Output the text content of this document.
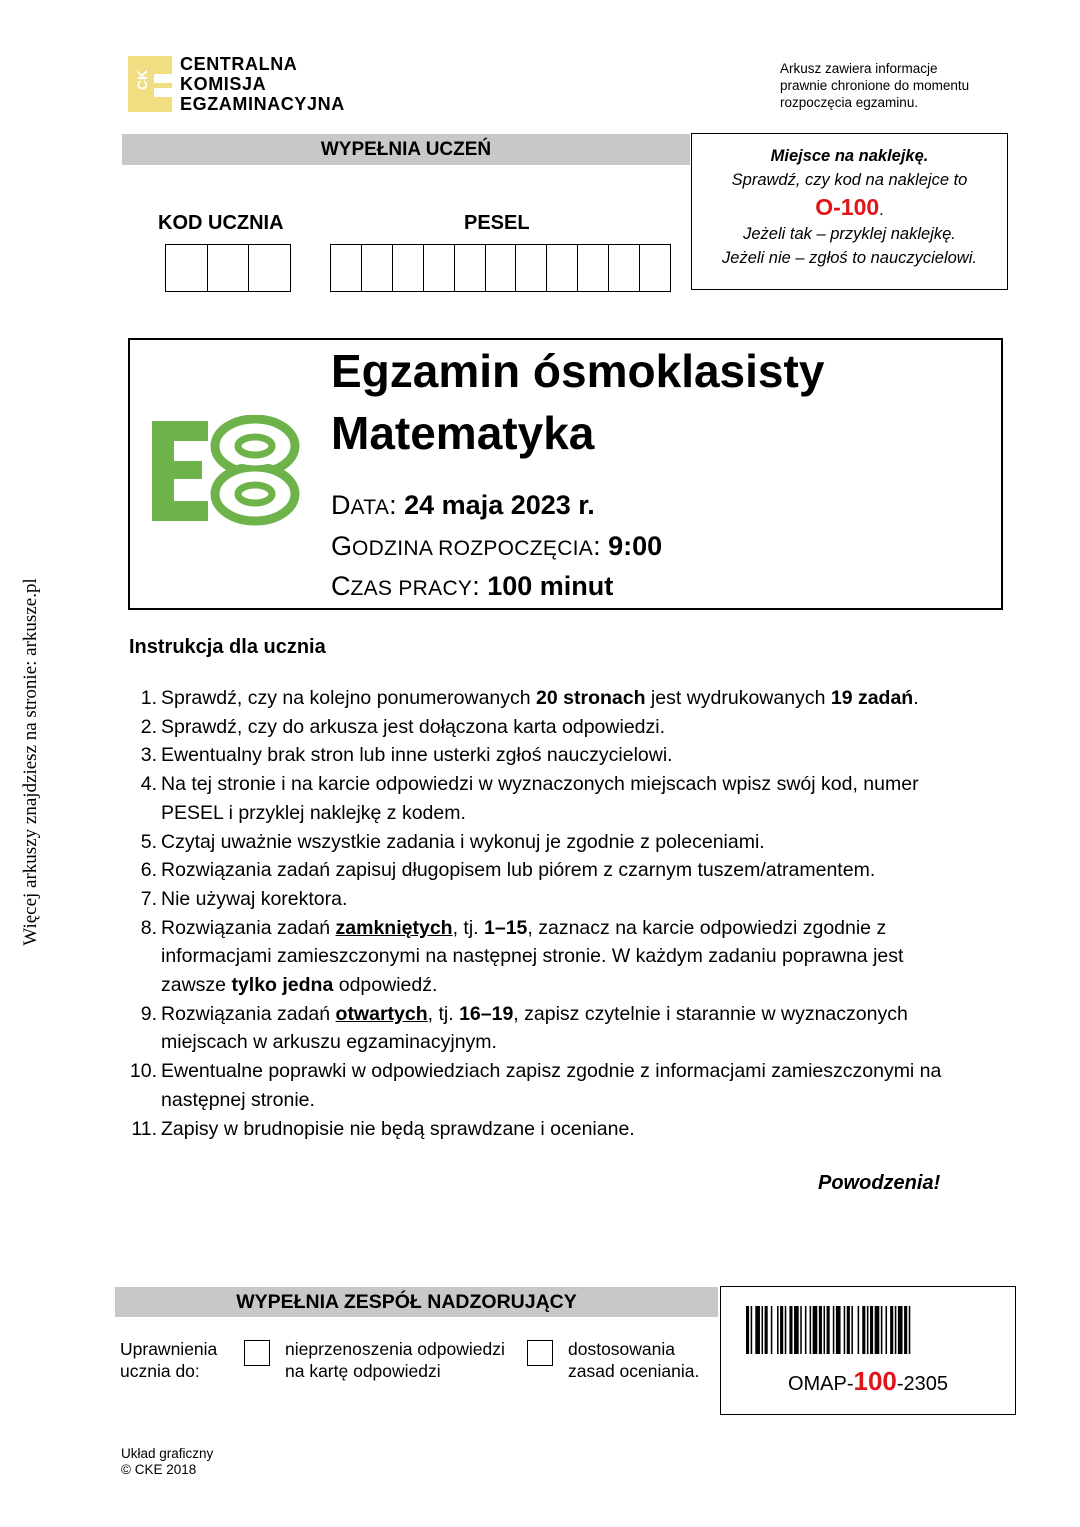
Więcej arkuszy znajdziesz na stronie: arkusze.pl
CK
CENTRALNA
KOMISJA
EGZAMINACYJNA
Arkusz zawiera informacje
prawnie chronione do momentu
rozpoczęcia egzaminu.
WYPEŁNIA UCZEŃ
KOD UCZNIA	PESEL
Miejsce na naklejkę.
Sprawdź, czy kod na naklejce to
O-100.
Jeżeli tak – przyklej naklejkę.
Jeżeli nie – zgłoś to nauczycielowi.
Egzamin ósmoklasisty
Matematyka
DATA: 24 maja 2023 r.
GODZINA ROZPOCZĘCIA: 9:00
CZAS PRACY: 100 minut
Instrukcja dla ucznia
1. Sprawdź, czy na kolejno ponumerowanych 20 stronach jest wydrukowanych 19 zadań.
2. Sprawdź, czy do arkusza jest dołączona karta odpowiedzi.
3. Ewentualny brak stron lub inne usterki zgłoś nauczycielowi.
4. Na tej stronie i na karcie odpowiedzi w wyznaczonych miejscach wpisz swój kod, numer PESEL i przyklej naklejkę z kodem.
5. Czytaj uważnie wszystkie zadania i wykonuj je zgodnie z poleceniami.
6. Rozwiązania zadań zapisuj długopisem lub piórem z czarnym tuszem/atramentem.
7. Nie używaj korektora.
8. Rozwiązania zadań zamkniętych, tj. 1–15, zaznacz na karcie odpowiedzi zgodnie z informacjami zamieszczonymi na następnej stronie. W każdym zadaniu poprawna jest zawsze tylko jedna odpowiedź.
9. Rozwiązania zadań otwartych, tj. 16–19, zapisz czytelnie i starannie w wyznaczonych miejscach w arkuszu egzaminacyjnym.
10. Ewentualne poprawki w odpowiedziach zapisz zgodnie z informacjami zamieszczonymi na następnej stronie.
11. Zapisy w brudnopisie nie będą sprawdzane i oceniane.
Powodzenia!
WYPEŁNIA ZESPÓŁ NADZORUJĄCY
Uprawnienia
ucznia do:
nieprzenoszenia odpowiedzi
na kartę odpowiedzi
dostosowania
zasad oceniania.
OMAP-100-2305
Układ graficzny
© CKE 2018
